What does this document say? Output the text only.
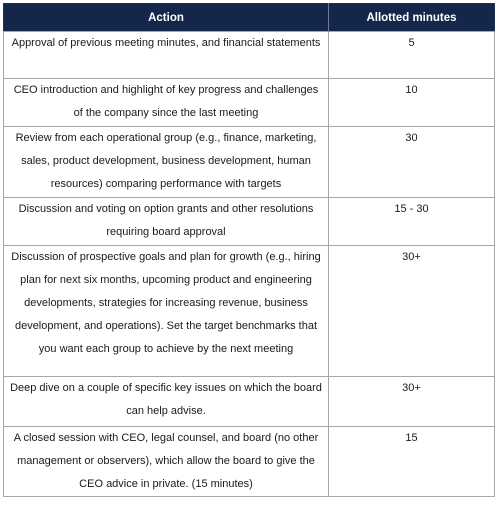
Action	Allotted minutes
Approval of previous meeting minutes, and financial statements	5
CEO introduction and highlight of key progress and challenges of the company since the last meeting	10
Review from each operational group (e.g., finance, marketing, sales, product development, business development, human resources) comparing performance with targets	30
Discussion and voting on option grants and other resolutions requiring board approval	15 - 30
Discussion of prospective goals and plan for growth (e.g., hiring plan for next six months, upcoming product and engineering developments, strategies for increasing revenue, business development, and operations). Set the target benchmarks that you want each group to achieve by the next meeting	30+
Deep dive on a couple of specific key issues on which the board can help advise.	30+
A closed session with CEO, legal counsel, and board (no other management or observers), which allow the board to give the CEO advice in private. (15 minutes)	15
